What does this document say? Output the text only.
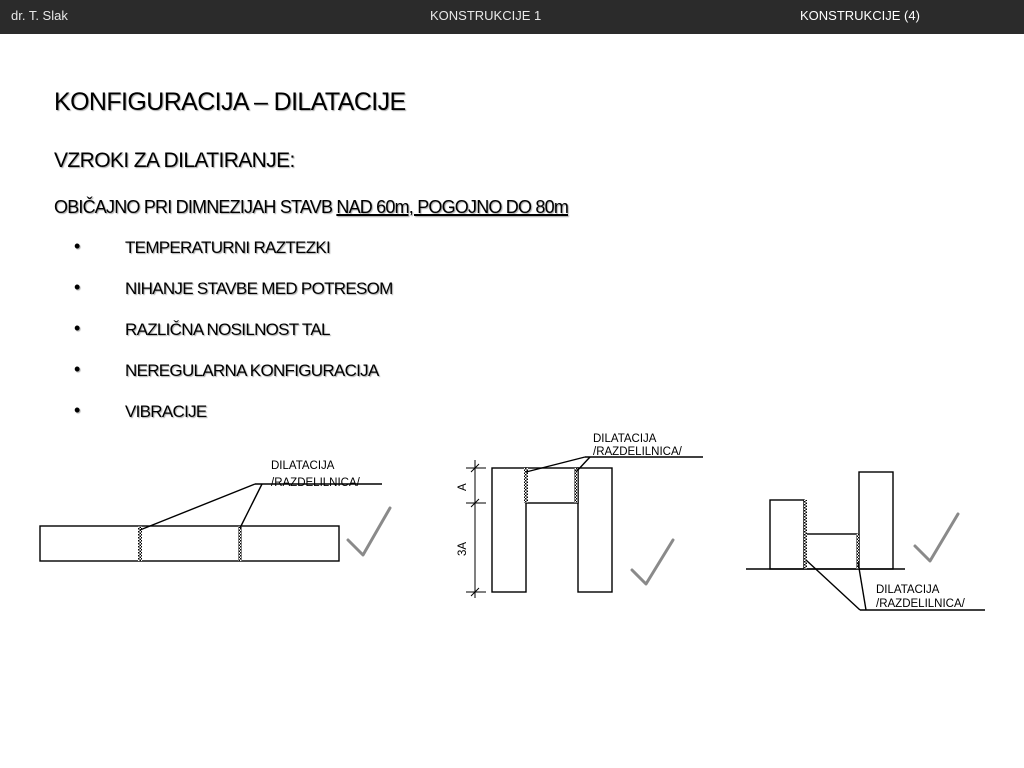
dr. T. Slak	KONSTRUKCIJE 1	KONSTRUKCIJE (4)
KONFIGURACIJA – DILATACIJE
VZROKI ZA DILATIRANJE:
OBIČAJNO PRI DIMNEZIJAH STAVB NAD 60m, POGOJNO DO 80m
•	TEMPERATURNI RAZTEZKI
•	NIHANJE STAVBE MED POTRESOM
•	RAZLIČNA NOSILNOST TAL
•	NEREGULARNA KONFIGURACIJA
•	VIBRACIJE
DILATACIJA
/RAZDELILNICA/	A
3A
DILATACIJA
/RAZDELILNICA/
DILATACIJA
/RAZDELILNICA/
